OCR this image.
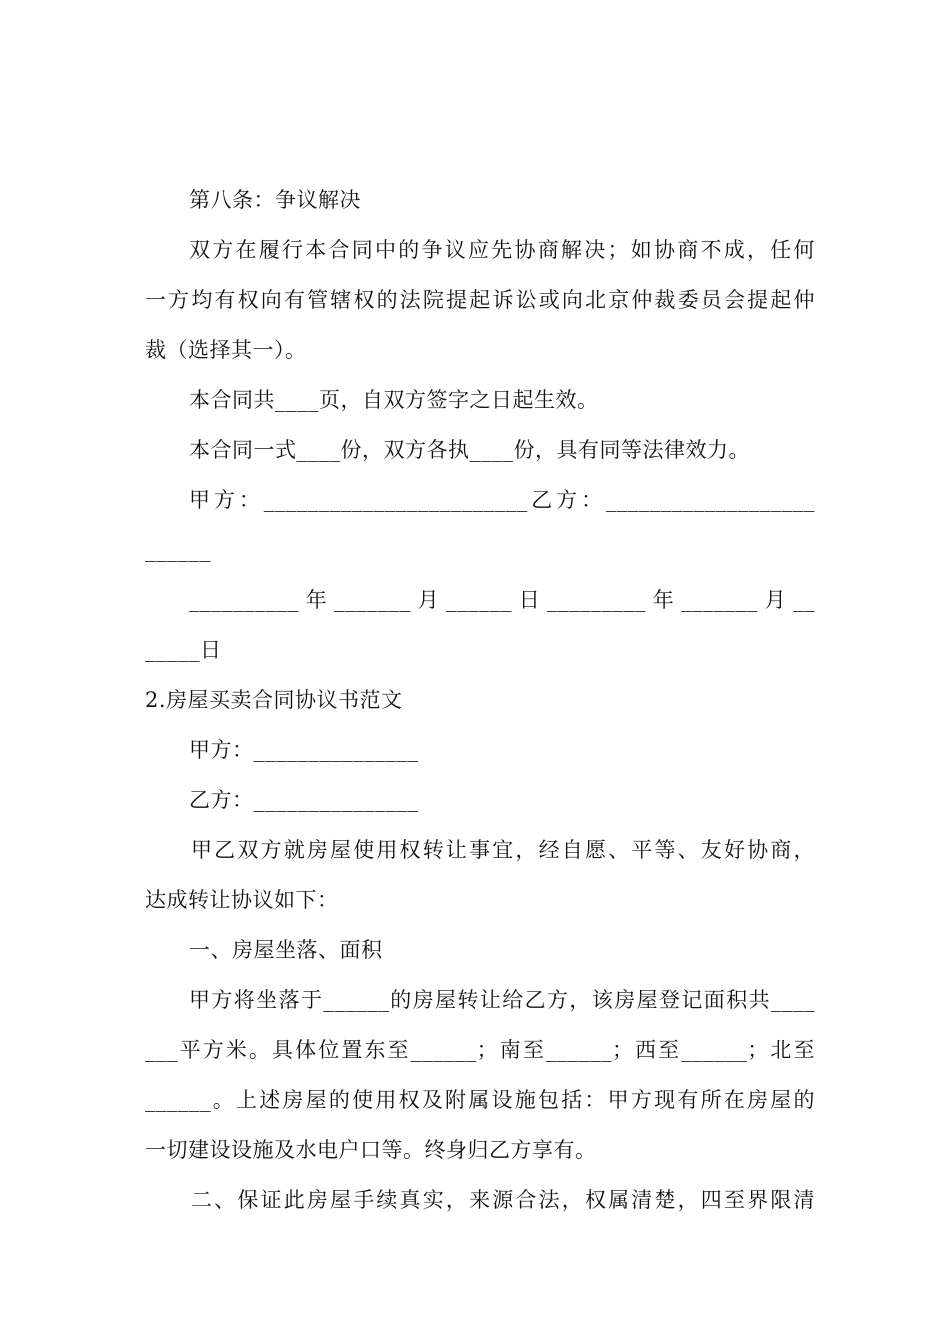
第八条：争议解决
双方在履行本合同中的争议应先协商解决；如协商不成，任何
一方均有权向有管辖权的法院提起诉讼或向北京仲裁委员会提起仲
裁（选择其一）。
本合同共____页，自双方签字之日起生效。
本合同一式____份，双方各执____份，具有同等法律效力。
甲方：________________________乙方：___________________
______
__________年_______月______日_________年_______月__
_____日
2.房屋买卖合同协议书范文
甲方：_______________
乙方：_______________
甲乙双方就房屋使用权转让事宜，经自愿、平等、友好协商，
达成转让协议如下：
一、房屋坐落、面积
甲方将坐落于______的房屋转让给乙方，该房屋登记面积共____
___平方米。具体位置东至______；南至______；西至______；北至
______。上述房屋的使用权及附属设施包括：甲方现有所在房屋的
一切建设设施及水电户口等。终身归乙方享有。
二、保证此房屋手续真实，来源合法，权属清楚，四至界限清
